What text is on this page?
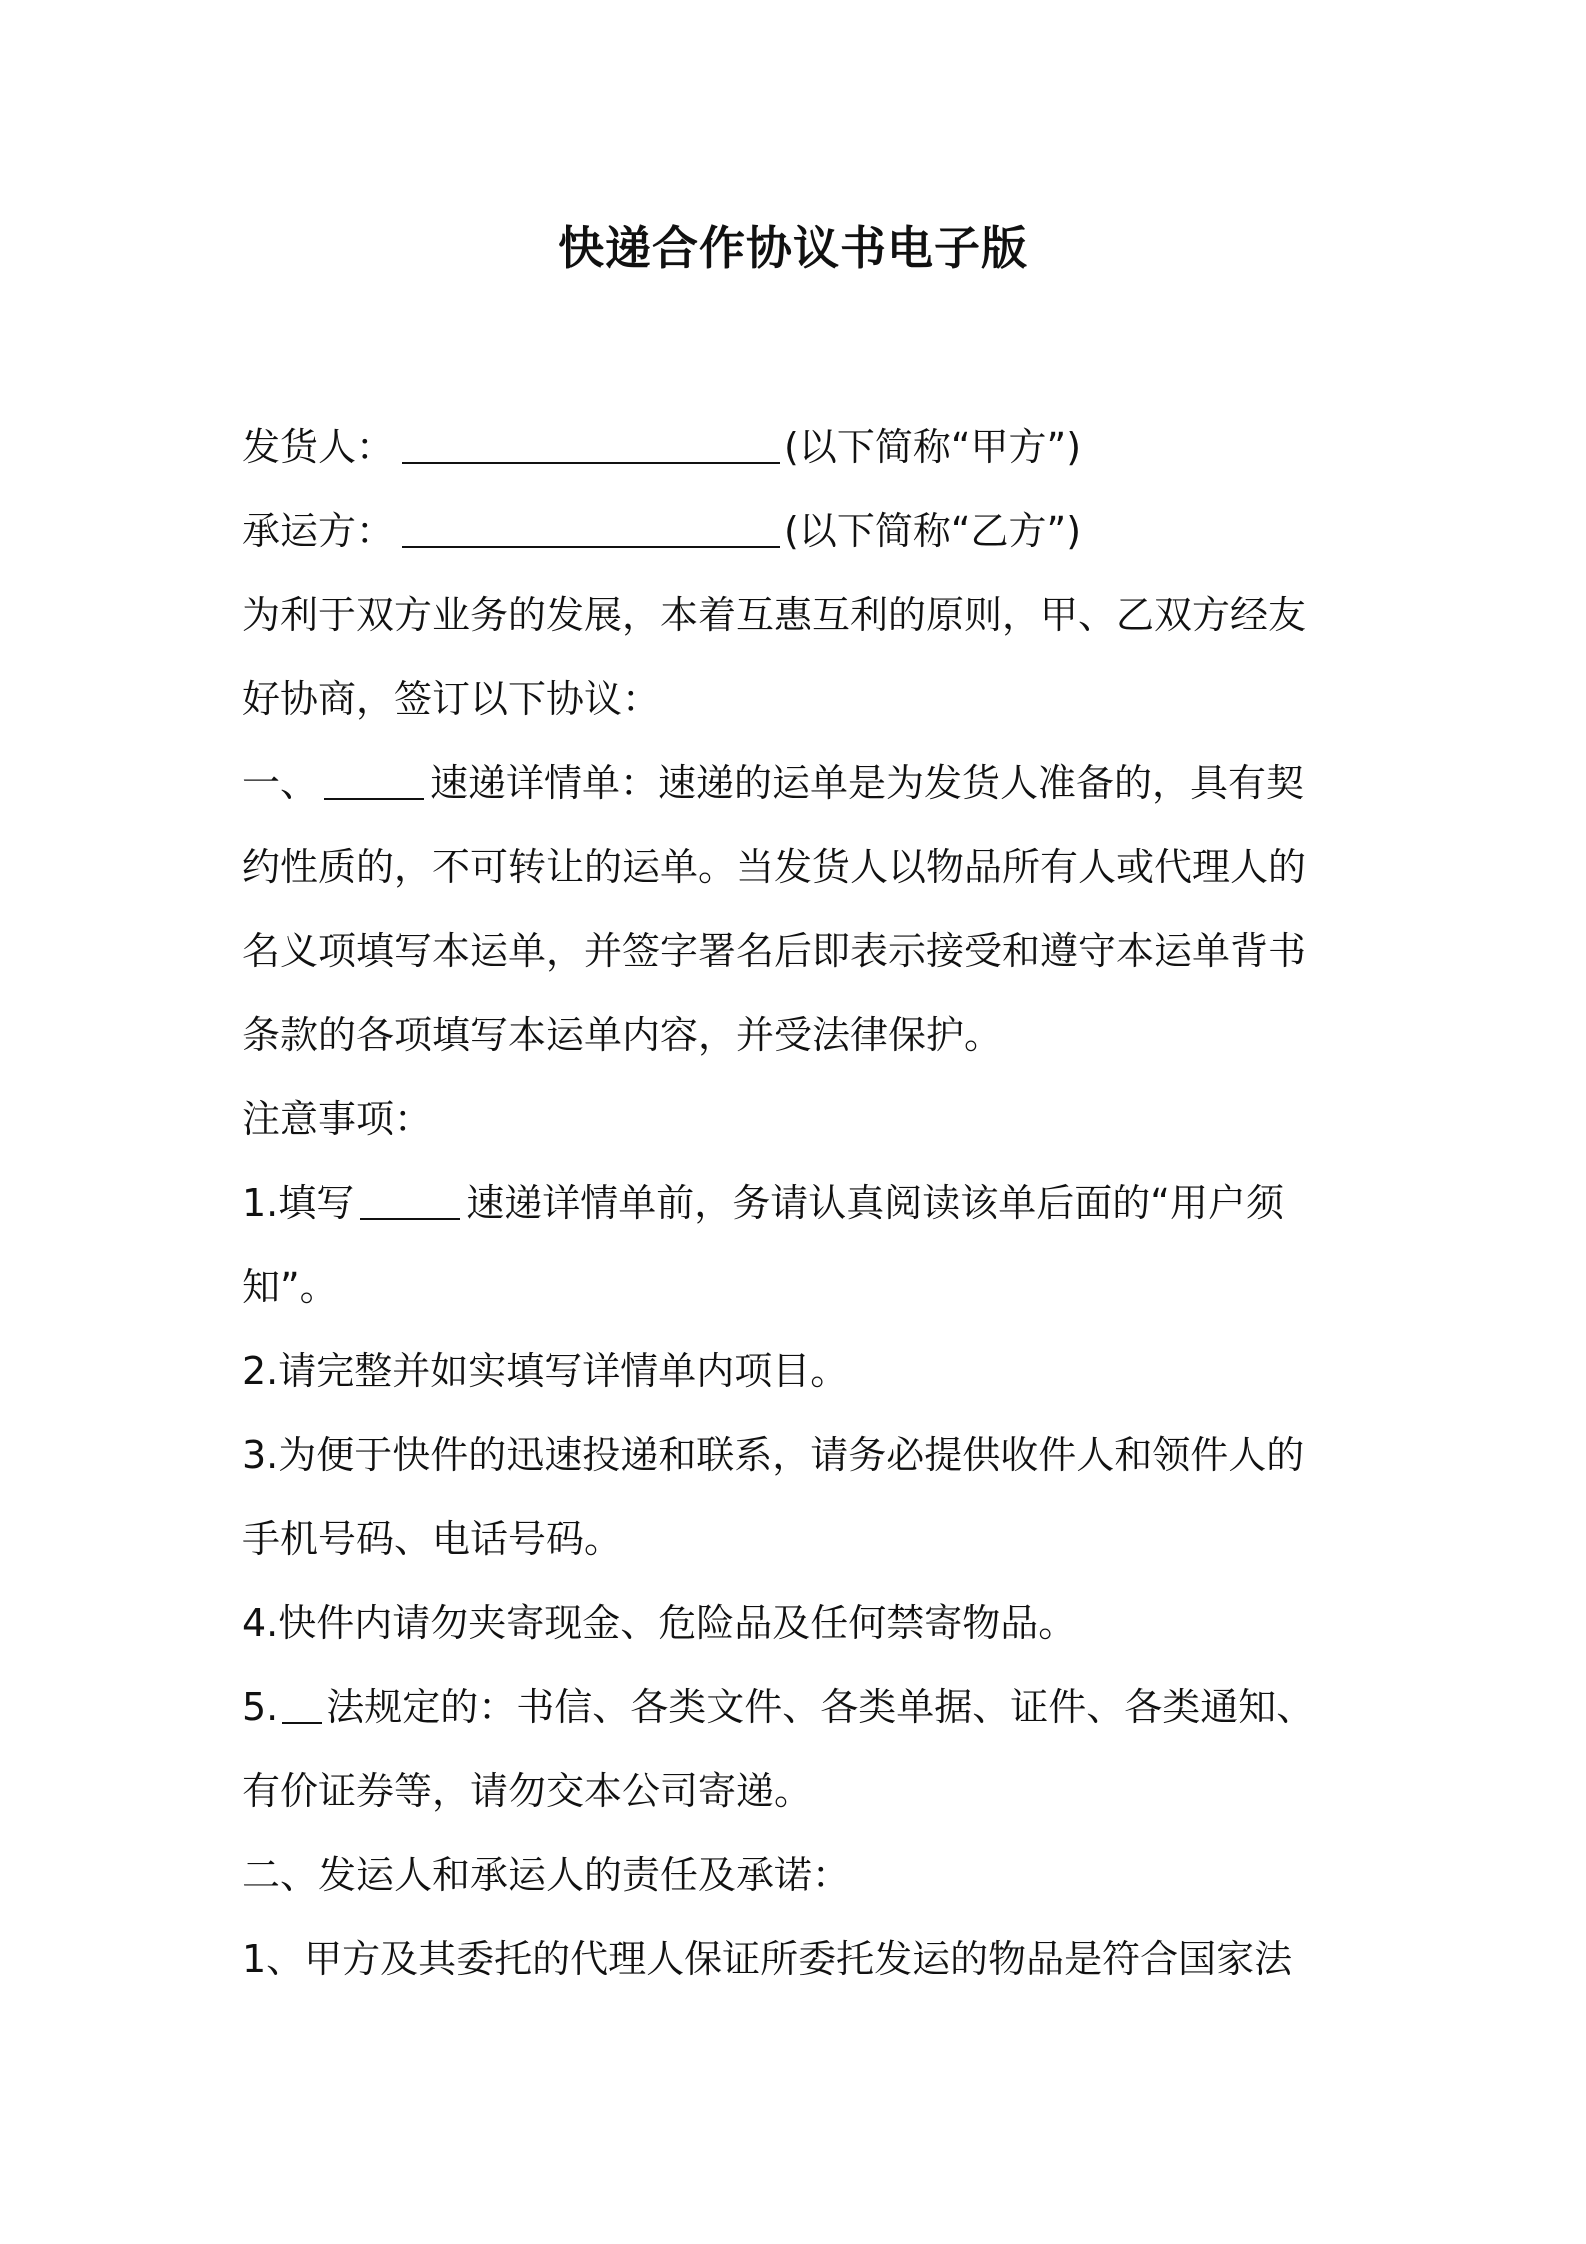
快递合作协议书电子版
发货人：	(以下简称“甲方”)
承运方：	(以下简称“乙方”)
为利于双方业务的发展，本着互惠互利的原则，甲、乙双方经友
好协商，签订以下协议：
一、	速递详情单：速递的运单是为发货人准备的，具有契
约性质的，不可转让的运单。当发货人以物品所有人或代理人的
名义项填写本运单，并签字署名后即表示接受和遵守本运单背书
条款的各项填写本运单内容，并受法律保护。
注意事项：
1.填写	速递详情单前，务请认真阅读该单后面的“用户须
知”。
2.请完整并如实填写详情单内项目。
3.为便于快件的迅速投递和联系，请务必提供收件人和领件人的
手机号码、电话号码。
4.快件内请勿夹寄现金、危险品及任何禁寄物品。
5. 法规定的：书信、各类文件、各类单据、证件、各类通知、
有价证券等，请勿交本公司寄递。
二、发运人和承运人的责任及承诺：
1、甲方及其委托的代理人保证所委托发运的物品是符合国家法
